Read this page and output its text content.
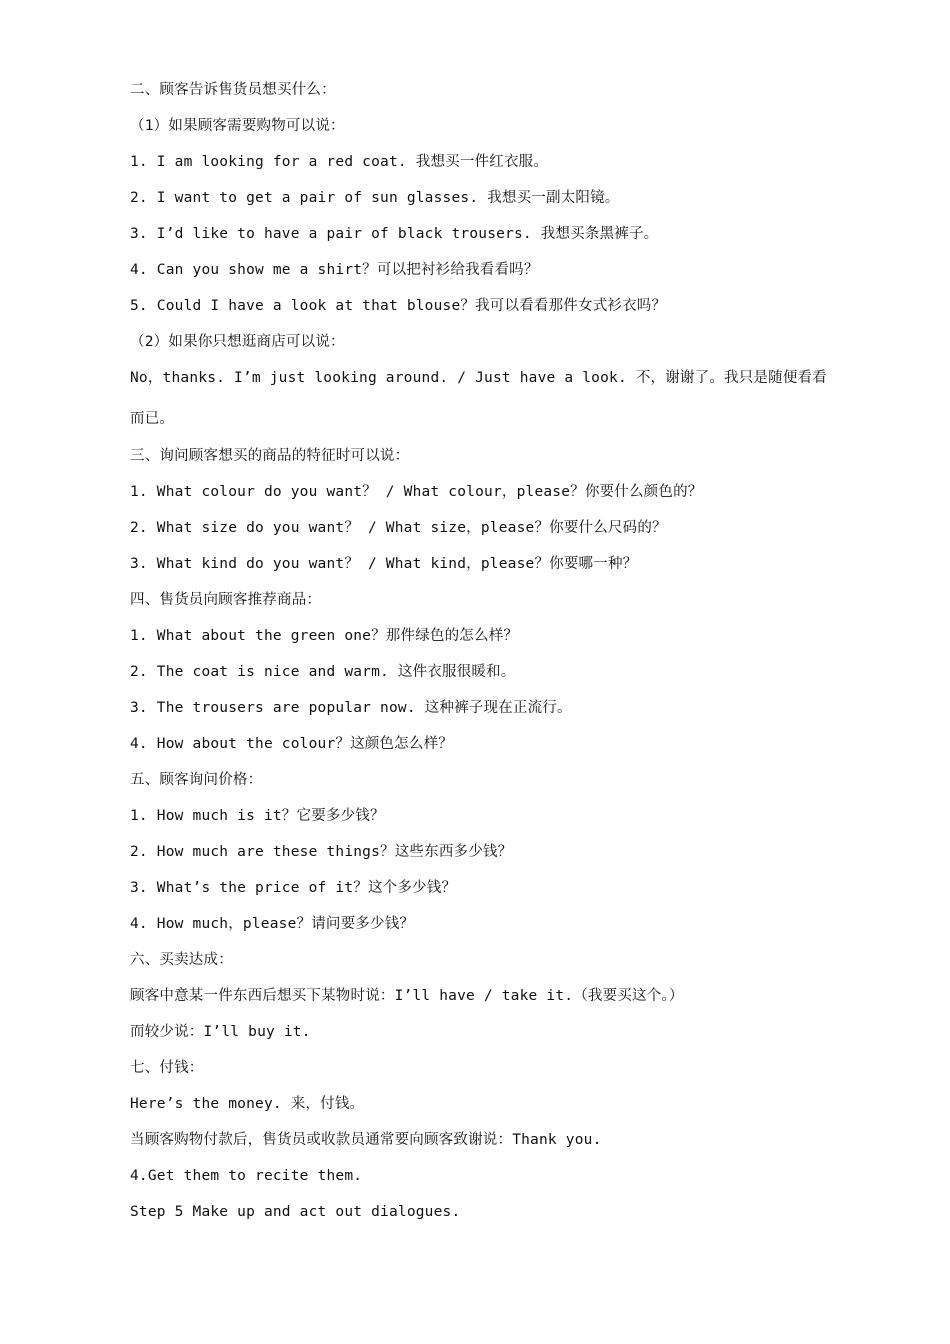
二、顾客告诉售货员想买什么：
（1）如果顾客需要购物可以说：
1. I am looking for a red coat. 我想买一件红衣服。
2. I want to get a pair of sun glasses. 我想买一副太阳镜。
3. I’d like to have a pair of black trousers. 我想买条黑裤子。
4. Can you show me a shirt？可以把衬衫给我看看吗？
5. Could I have a look at that blouse？我可以看看那件女式衫衣吗？
（2）如果你只想逛商店可以说：
No，thanks. I’m just looking around. / Just have a look. 不，谢谢了。我只是随便看看而已。
三、询问顾客想买的商品的特征时可以说：
1. What colour do you want？ / What colour，please？你要什么颜色的？
2. What size do you want？ / What size，please？你要什么尺码的？
3. What kind do you want？ / What kind，please？你要哪一种？
四、售货员向顾客推荐商品：
1. What about the green one？那件绿色的怎么样？
2. The coat is nice and warm. 这件衣服很暖和。
3. The trousers are popular now. 这种裤子现在正流行。
4. How about the colour？这颜色怎么样？
五、顾客询问价格：
1. How much is it？它要多少钱？
2. How much are these things？这些东西多少钱？
3. What’s the price of it？这个多少钱？
4. How much，please？请问要多少钱？
六、买卖达成：
顾客中意某一件东西后想买下某物时说：I’ll have / take it.（我要买这个。）
而较少说：I’ll buy it.
七、付钱：
Here’s the money. 来，付钱。
当顾客购物付款后，售货员或收款员通常要向顾客致谢说：Thank you.
4.Get them to recite them.
Step 5 Make up and act out dialogues.
